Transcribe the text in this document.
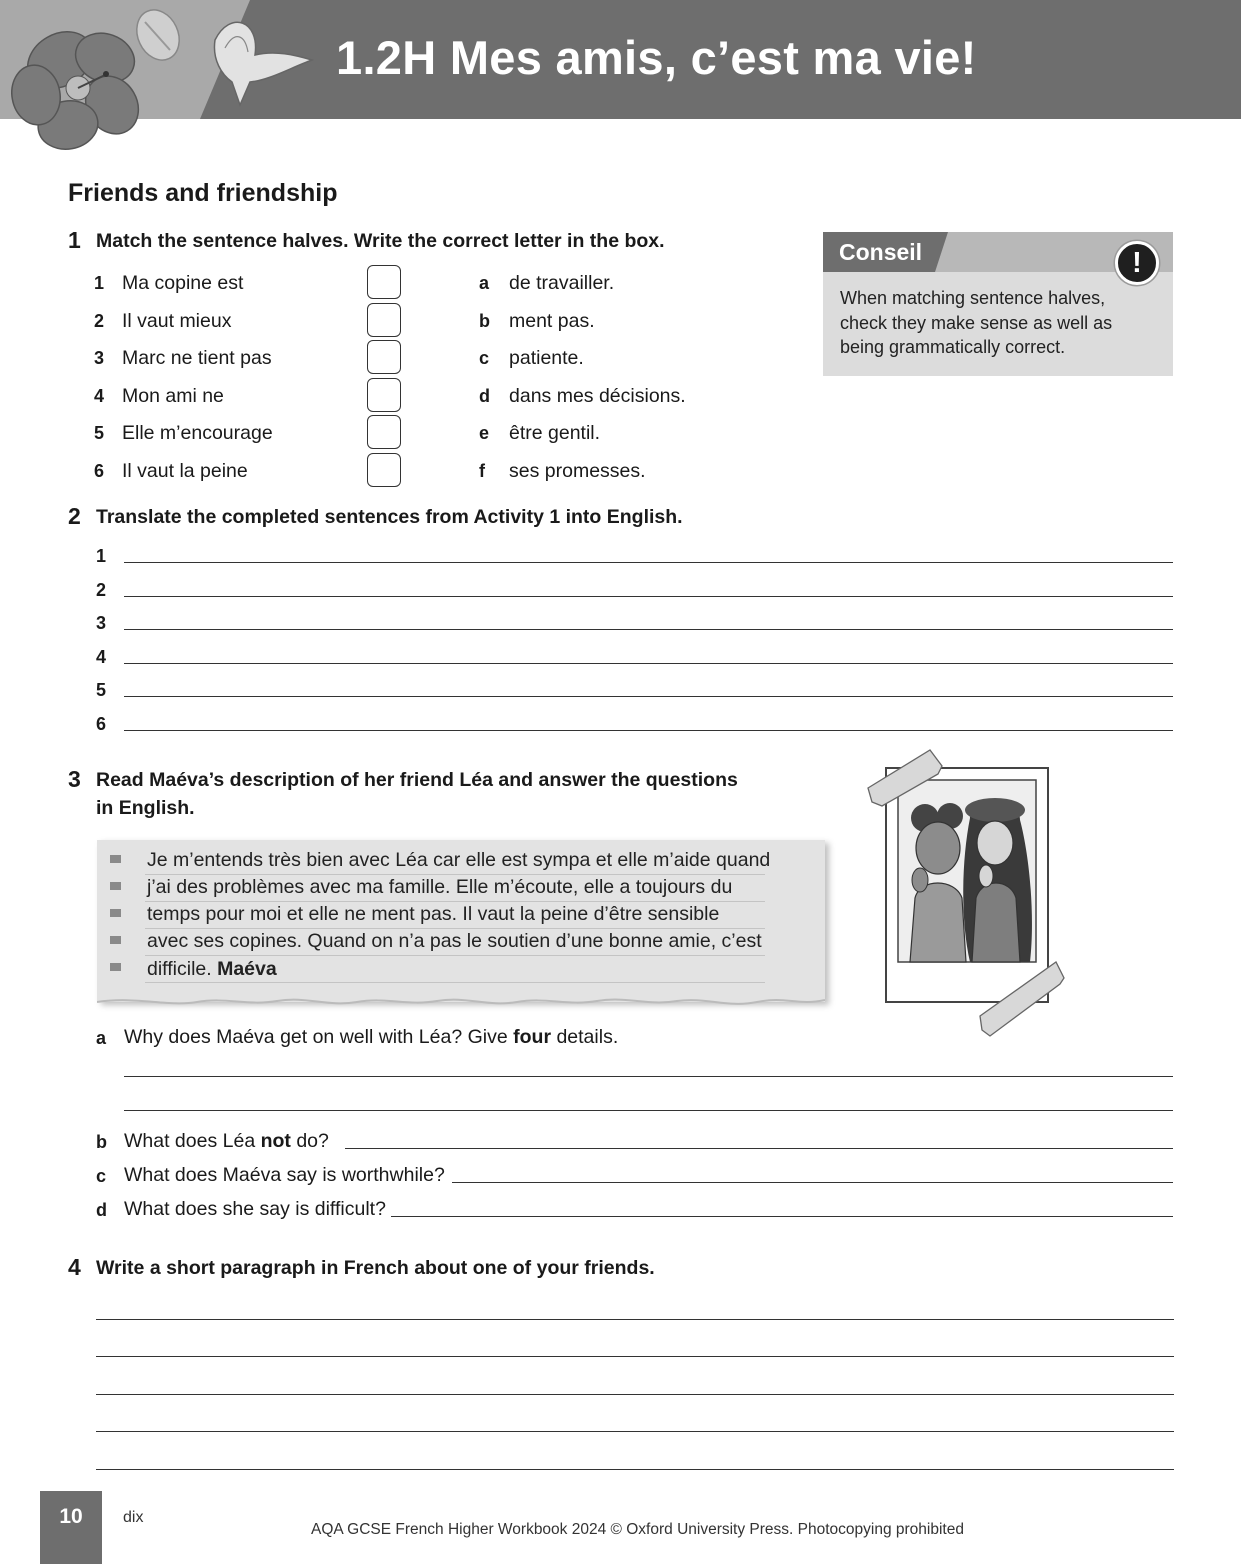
1.2H Mes amis, c’est ma vie!
Friends and friendship
1 Match the sentence halves. Write the correct letter in the box.
1 Ma copine est
2 Il vaut mieux
3 Marc ne tient pas
4 Mon ami ne
5 Elle m’encourage
6 Il vaut la peine
a de travailler.
b ment pas.
c patiente.
d dans mes décisions.
e être gentil.
f ses promesses.
Conseil	!
When matching sentence halves,
check they make sense as well as
being grammatically correct.
2 Translate the completed sentences from Activity 1 into English.
1
2
3
4
5
6
3 Read Maéva’s description of her friend Léa and answer the questions
in English.
Je m’entends très bien avec Léa car elle est sympa et elle m’aide quand
j’ai des problèmes avec ma famille. Elle m’écoute, elle a toujours du
temps pour moi et elle ne ment pas. Il vaut la peine d’être sensible
avec ses copines. Quand on n’a pas le soutien d’une bonne amie, c’est
difficile. Maéva
a Why does Maéva get on well with Léa? Give four details.
b What does Léa not do?
c What does Maéva say is worthwhile?
d What does she say is difficult?
4 Write a short paragraph in French about one of your friends.
10	dix
AQA GCSE French Higher Workbook 2024 © Oxford University Press. Photocopying prohibited
